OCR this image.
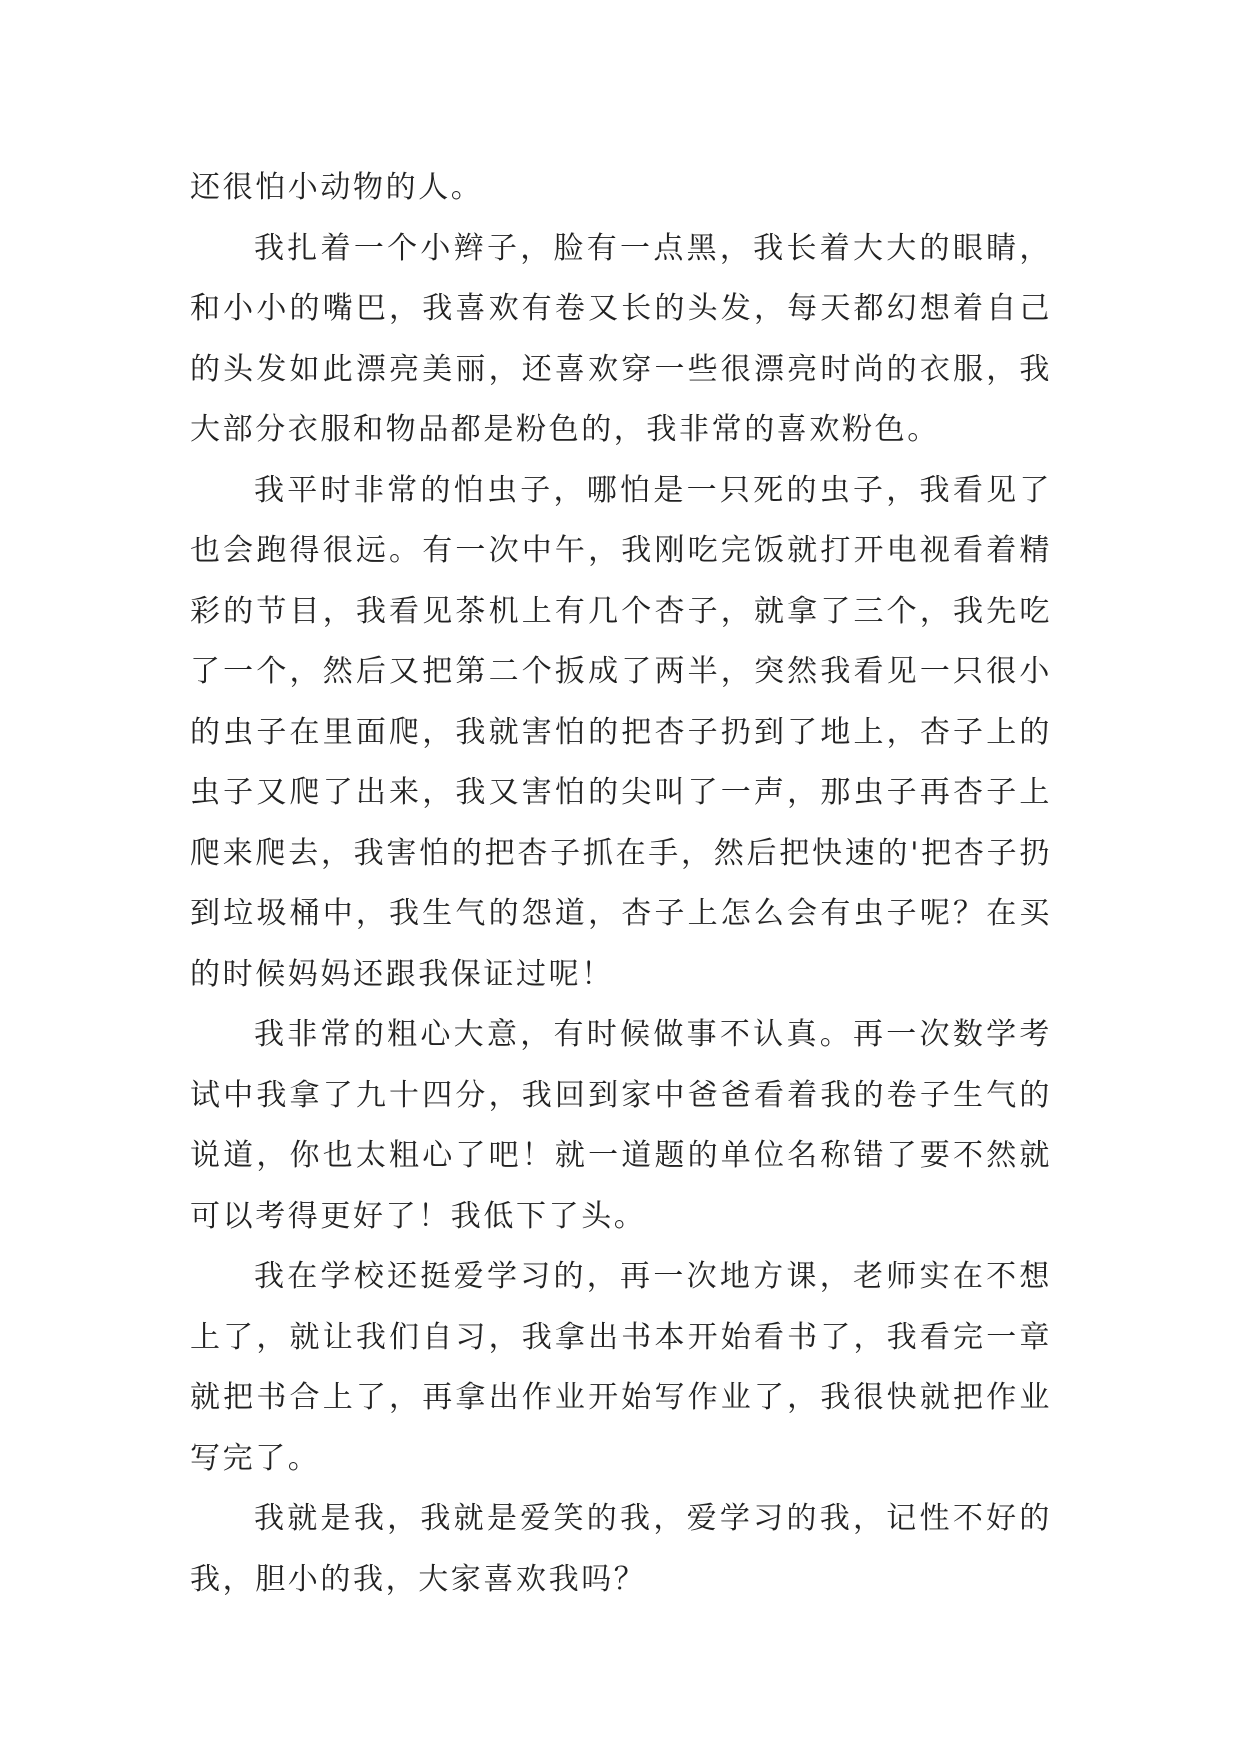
还很怕小动物的人。

我扎着一个小辫子，脸有一点黑，我长着大大的眼睛，和小小的嘴巴，我喜欢有卷又长的头发，每天都幻想着自己的头发如此漂亮美丽，还喜欢穿一些很漂亮时尚的衣服，我大部分衣服和物品都是粉色的，我非常的喜欢粉色。

我平时非常的怕虫子，哪怕是一只死的虫子，我看见了也会跑得很远。有一次中午，我刚吃完饭就打开电视看着精彩的节目，我看见茶机上有几个杏子，就拿了三个，我先吃了一个，然后又把第二个扳成了两半，突然我看见一只很小的虫子在里面爬，我就害怕的把杏子扔到了地上，杏子上的虫子又爬了出来，我又害怕的尖叫了一声，那虫子再杏子上爬来爬去，我害怕的把杏子抓在手，然后把快速的'把杏子扔到垃圾桶中，我生气的怨道，杏子上怎么会有虫子呢？在买的时候妈妈还跟我保证过呢！

我非常的粗心大意，有时候做事不认真。再一次数学考试中我拿了九十四分，我回到家中爸爸看着我的卷子生气的说道，你也太粗心了吧！就一道题的单位名称错了要不然就可以考得更好了！我低下了头。

我在学校还挺爱学习的，再一次地方课，老师实在不想上了，就让我们自习，我拿出书本开始看书了，我看完一章就把书合上了，再拿出作业开始写作业了，我很快就把作业写完了。

我就是我，我就是爱笑的我，爱学习的我，记性不好的我，胆小的我，大家喜欢我吗？
